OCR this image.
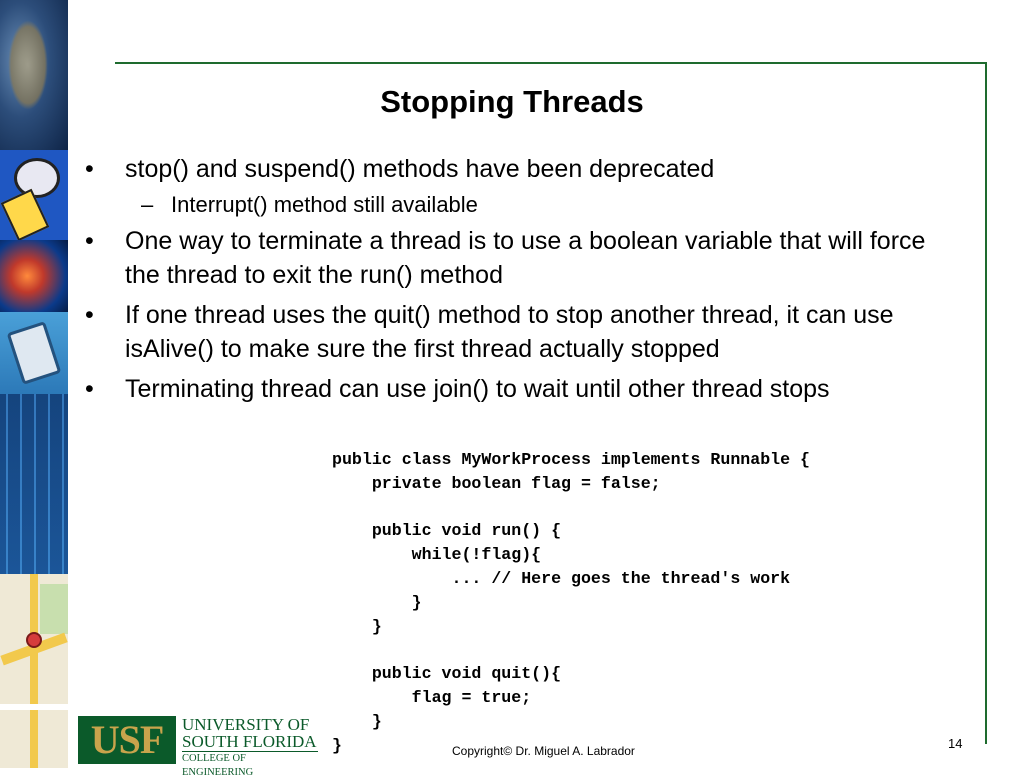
Stopping Threads
• stop() and suspend() methods have been deprecated
– Interrupt() method still available
• One way to terminate a thread is to use a boolean variable that will force the thread to exit the run() method
• If one thread uses the quit() method to stop another thread, it can use isAlive() to make sure the first thread actually stopped
• Terminating thread can use join() to wait until other thread stops
public class MyWorkProcess implements Runnable {
private boolean flag = false;

public void run() {
while(!flag){
... // Here goes the thread's work
}
}

public void quit(){
flag = true;
}
}
USF	UNIVERSITY OF
SOUTH FLORIDA
COLLEGE OF ENGINEERING
Copyright© Dr. Miguel A. Labrador	14
